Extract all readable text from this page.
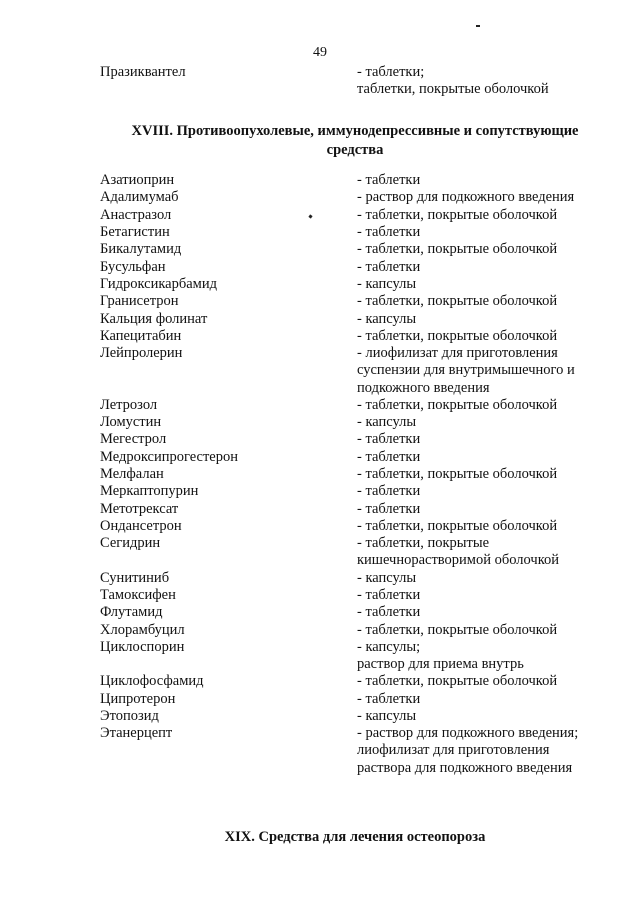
49
Празиквантел	- таблетки;
таблетки, покрытые оболочкой
XVIII. Противоопухолевые, иммунодепрессивные и сопутствующие
средства
Азатиоприн	- таблетки
Адалимумаб	- раствор для подкожного введения
Анастразол	- таблетки, покрытые оболочкой
Бетагистин	- таблетки
Бикалутамид	- таблетки, покрытые оболочкой
Бусульфан	- таблетки
Гидроксикарбамид	- капсулы
Гранисетрон	- таблетки, покрытые оболочкой
Кальция фолинат	- капсулы
Капецитабин	- таблетки, покрытые оболочкой
Лейпролерин	- лиофилизат для приготовления
суспензии для внутримышечного и
подкожного введения
Летрозол	- таблетки, покрытые оболочкой
Ломустин	- капсулы
Мегестрол	- таблетки
Медроксипрогестерон	- таблетки
Мелфалан	- таблетки, покрытые оболочкой
Меркаптопурин	- таблетки
Метотрексат	- таблетки
Ондансетрон	- таблетки, покрытые оболочкой
Сегидрин	- таблетки, покрытые
кишечнорастворимой оболочкой
Сунитиниб	- капсулы
Тамоксифен	- таблетки
Флутамид	- таблетки
Хлорамбуцил	- таблетки, покрытые оболочкой
Циклоспорин	- капсулы;
раствор для приема внутрь
Циклофосфамид	- таблетки, покрытые оболочкой
Ципротерон	- таблетки
Этопозид	- капсулы
Этанерцепт	- раствор для подкожного введения;
лиофилизат для приготовления
раствора для подкожного введения
XIX. Средства для лечения остеопороза
